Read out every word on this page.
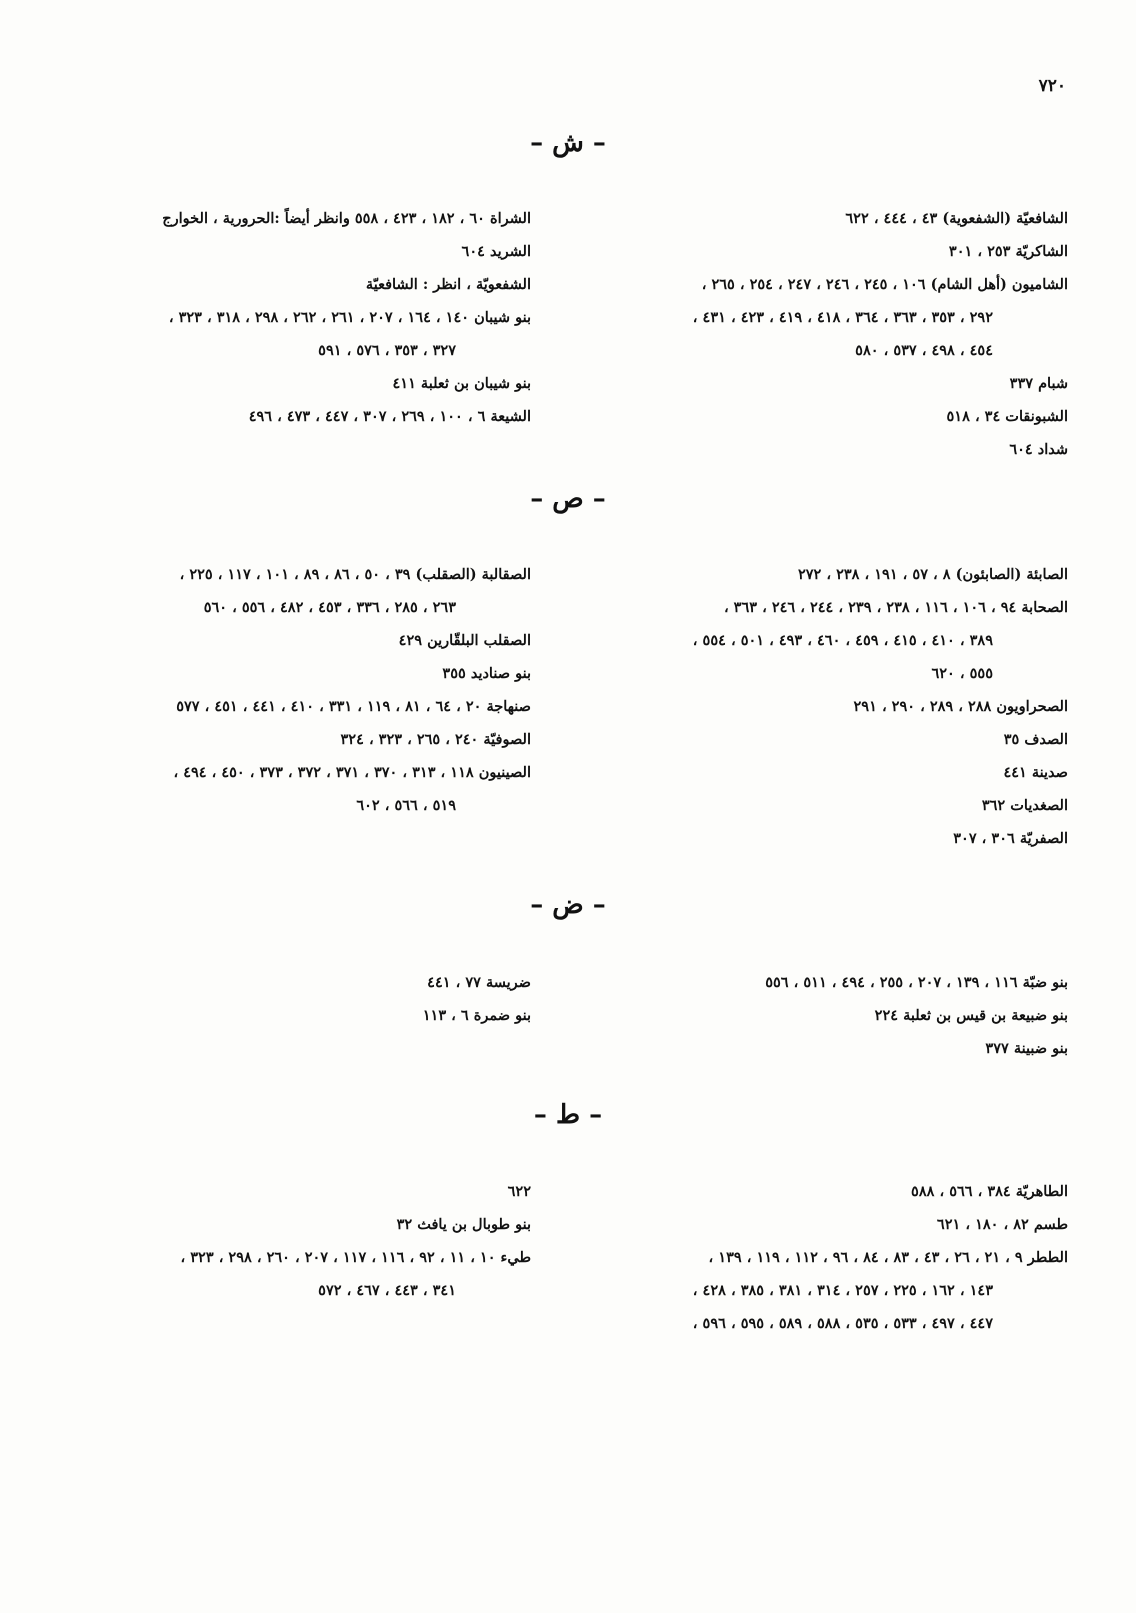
٧٢٠
– ش –
الشافعيّة (الشفعوية) ٤٣ ، ٤٤٤ ، ٦٢٢
الشاكريّة ٢٥٣ ، ٣٠١
الشاميون (أهل الشام) ١٠٦ ، ٢٤٥ ، ٢٤٦ ، ٢٤٧ ، ٢٥٤ ، ٢٦٥ ،
٢٩٢ ، ٣٥٣ ، ٣٦٣ ، ٣٦٤ ، ٤١٨ ، ٤١٩ ، ٤٢٣ ، ٤٣١ ،
٤٥٤ ، ٤٩٨ ، ٥٣٧ ، ٥٨٠
شبام ٣٣٧
الشبونقات ٣٤ ، ٥١٨
شداد ٦٠٤
الشراة ٦٠ ، ١٨٢ ، ٤٢٣ ، ٥٥٨ وانظر أيضاً :الحرورية ، الخوارج
الشريد ٦٠٤
الشفعويّة ، انظر : الشافعيّة
بنو شيبان ١٤٠ ، ١٦٤ ، ٢٠٧ ، ٢٦١ ، ٢٦٢ ، ٢٩٨ ، ٣١٨ ، ٣٢٣ ،
٣٢٧ ، ٣٥٣ ، ٥٧٦ ، ٥٩١
بنو شيبان بن ثعلبة ٤١١
الشيعة ٦ ، ١٠٠ ، ٢٦٩ ، ٣٠٧ ، ٤٤٧ ، ٤٧٣ ، ٤٩٦
– ص –
الصابئة (الصابئون) ٨ ، ٥٧ ، ١٩١ ، ٢٣٨ ، ٢٧٢
الصحابة ٩٤ ، ١٠٦ ، ١١٦ ، ٢٣٨ ، ٢٣٩ ، ٢٤٤ ، ٢٤٦ ، ٣٦٣ ،
٣٨٩ ، ٤١٠ ، ٤١٥ ، ٤٥٩ ، ٤٦٠ ، ٤٩٣ ، ٥٠١ ، ٥٥٤ ،
٥٥٥ ، ٦٢٠
الصحراويون ٢٨٨ ، ٢٨٩ ، ٢٩٠ ، ٢٩١
الصدف ٣٥
صدينة ٤٤١
الصغديات ٣٦٢
الصفريّة ٣٠٦ ، ٣٠٧
الصقالبة (الصقلب) ٣٩ ، ٥٠ ، ٨٦ ، ٨٩ ، ١٠١ ، ١١٧ ، ٢٢٥ ،
٢٦٣ ، ٢٨٥ ، ٣٣٦ ، ٤٥٣ ، ٤٨٢ ، ٥٥٦ ، ٥٦٠
الصقلب البلقّارين ٤٢٩
بنو صناديد ٣٥٥
صنهاجة ٢٠ ، ٦٤ ، ٨١ ، ١١٩ ، ٣٣١ ، ٤١٠ ، ٤٤١ ، ٤٥١ ، ٥٧٧
الصوفيّة ٢٤٠ ، ٢٦٥ ، ٣٢٣ ، ٣٢٤
الصينيون ١١٨ ، ٣١٣ ، ٣٧٠ ، ٣٧١ ، ٣٧٢ ، ٣٧٣ ، ٤٥٠ ، ٤٩٤ ،
٥١٩ ، ٥٦٦ ، ٦٠٢
– ض –
بنو ضبّة ١١٦ ، ١٣٩ ، ٢٠٧ ، ٢٥٥ ، ٤٩٤ ، ٥١١ ، ٥٥٦
بنو ضبيعة بن قيس بن ثعلبة ٢٢٤
بنو ضبينة ٣٧٧
ضريسة ٧٧ ، ٤٤١
بنو ضمرة ٦ ، ١١٣
– ط –
الطاهريّة ٣٨٤ ، ٥٦٦ ، ٥٨٨
طسم ٨٢ ، ١٨٠ ، ٦٢١
الططر ٩ ، ٢١ ، ٢٦ ، ٤٣ ، ٨٣ ، ٨٤ ، ٩٦ ، ١١٢ ، ١١٩ ، ١٣٩ ،
١٤٣ ، ١٦٢ ، ٢٢٥ ، ٢٥٧ ، ٣١٤ ، ٣٨١ ، ٣٨٥ ، ٤٢٨ ،
٤٤٧ ، ٤٩٧ ، ٥٣٣ ، ٥٣٥ ، ٥٨٨ ، ٥٨٩ ، ٥٩٥ ، ٥٩٦ ،
٦٢٢
بنو طوبال بن يافث ٣٢
طيء ١٠ ، ١١ ، ٩٢ ، ١١٦ ، ١١٧ ، ٢٠٧ ، ٢٦٠ ، ٢٩٨ ، ٣٢٣ ،
٣٤١ ، ٤٤٣ ، ٤٦٧ ، ٥٧٢
